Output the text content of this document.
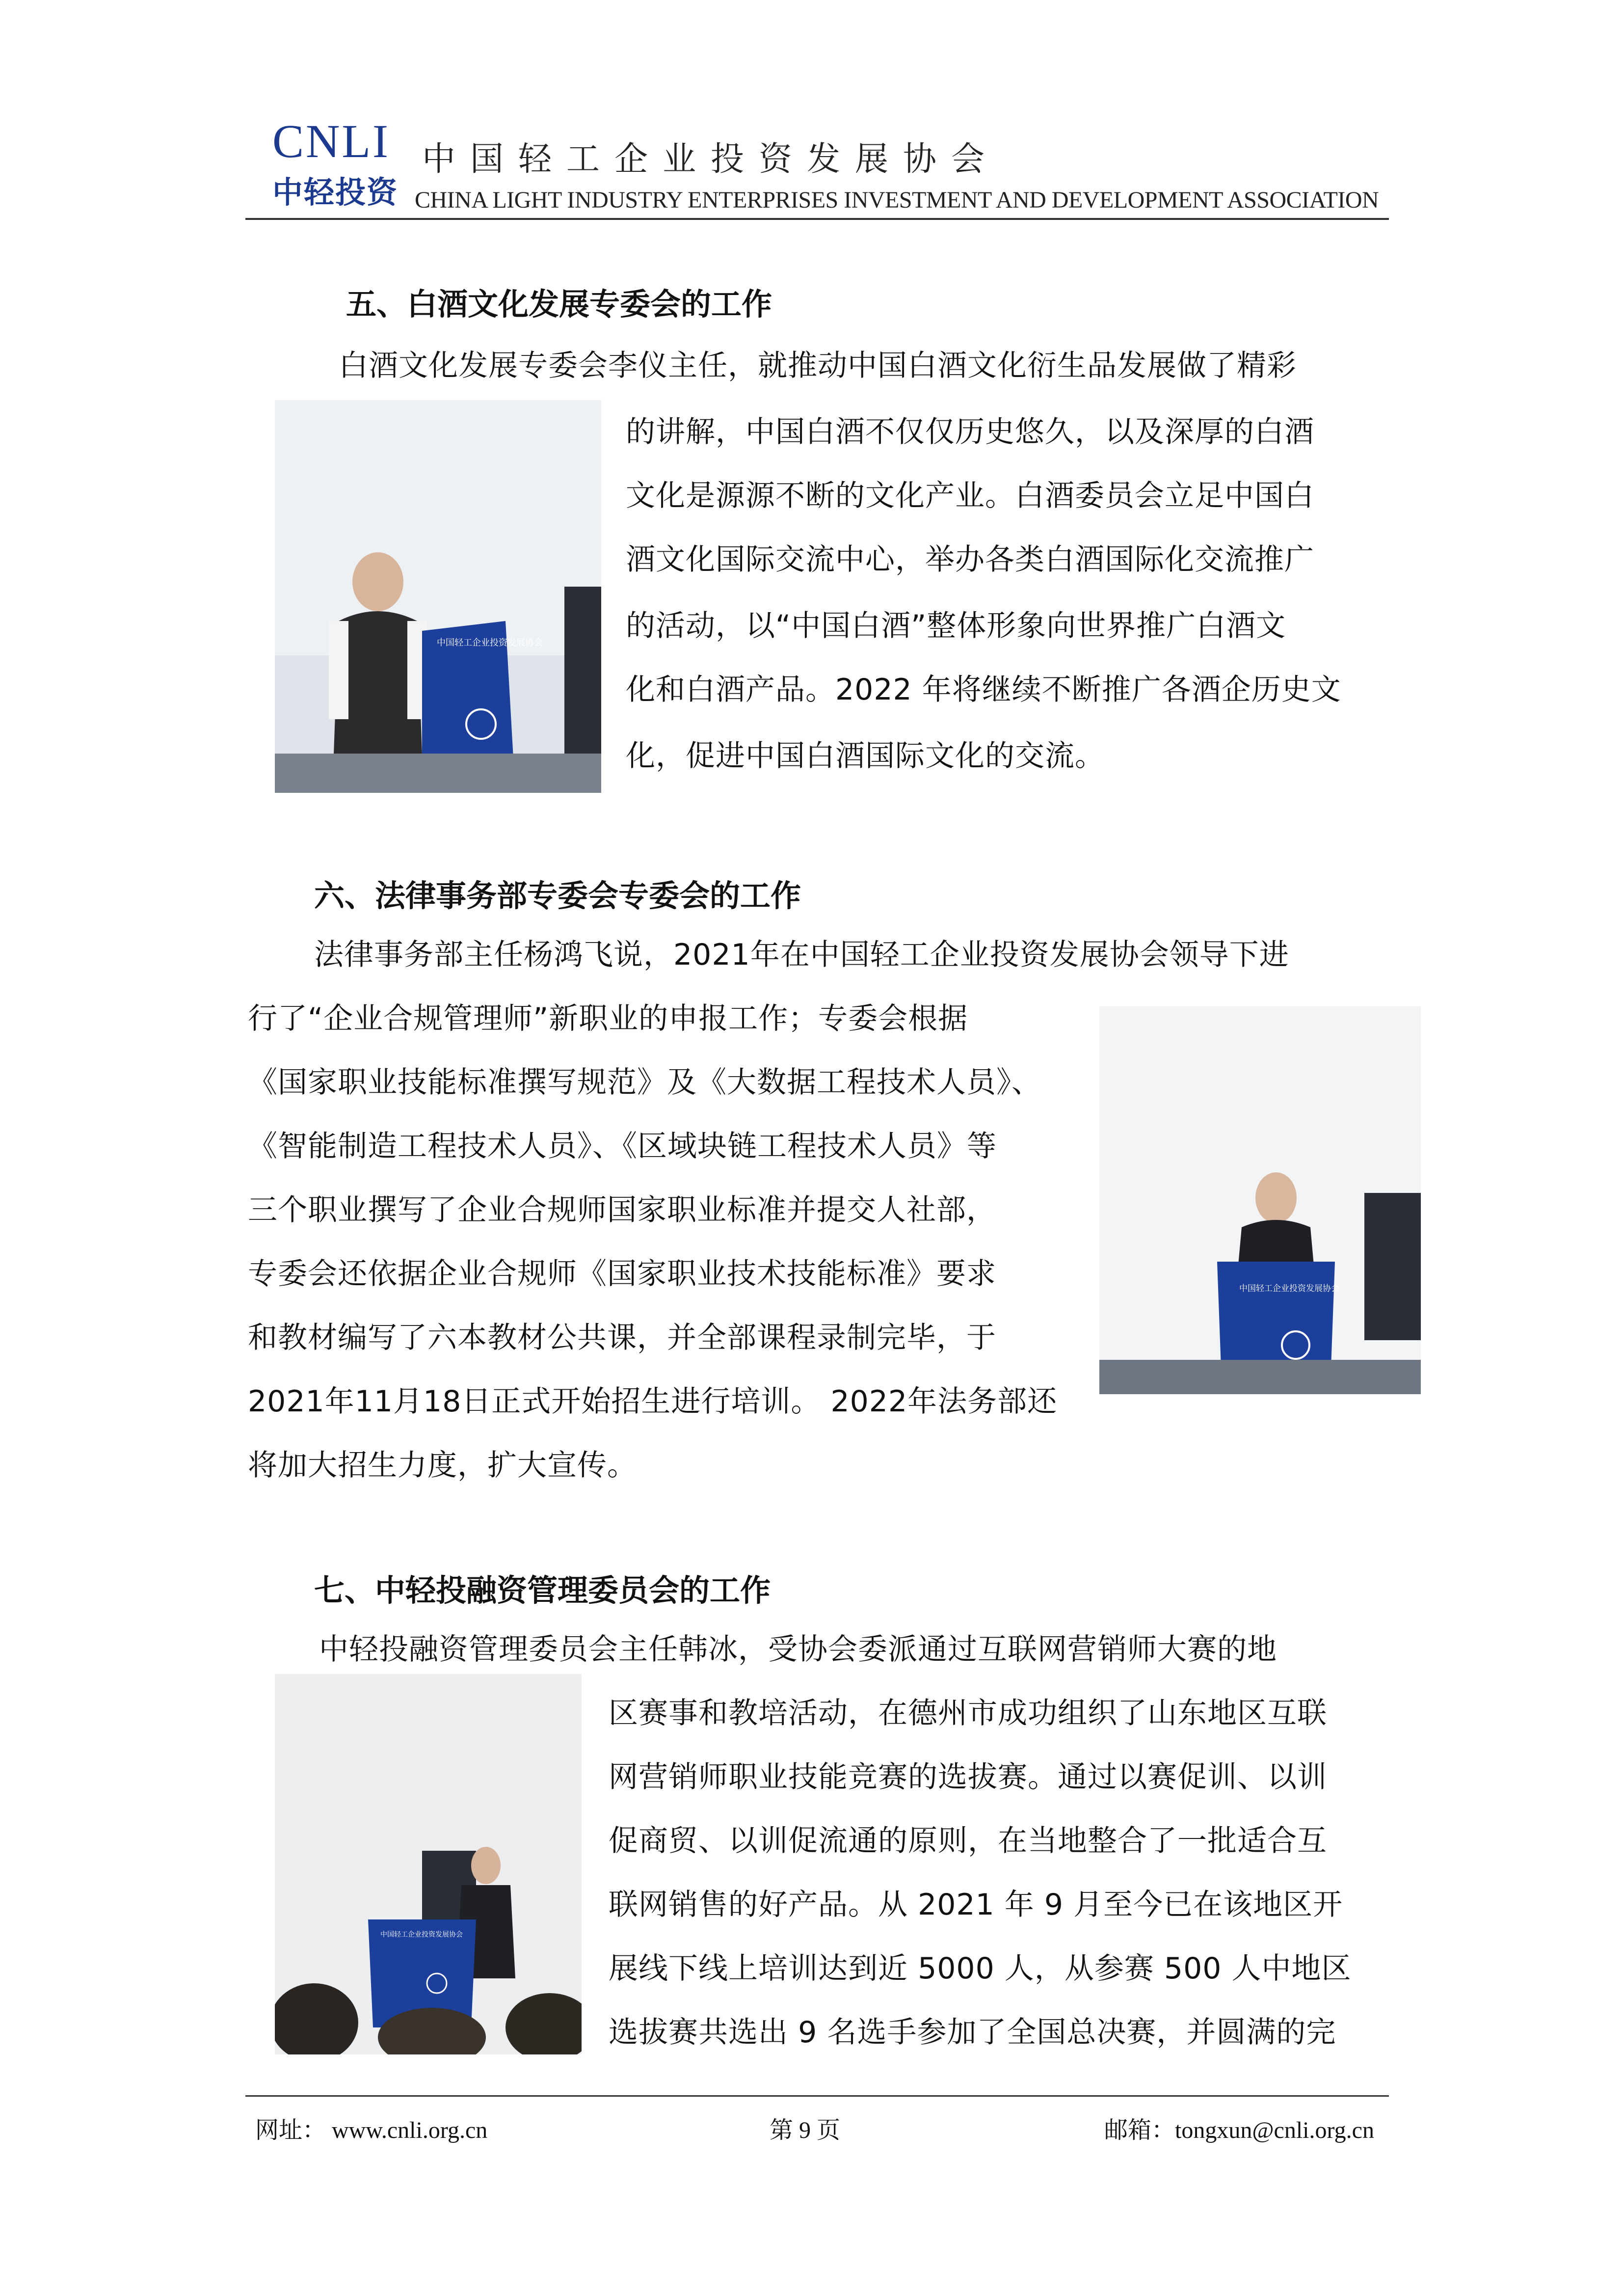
CNLI
中轻投资
中国轻工企业投资发展协会
CHINA LIGHT INDUSTRY ENTERPRISES INVESTMENT AND DEVELOPMENT ASSOCIATION
五、白酒文化发展专委会的工作
白酒文化发展专委会李仪主任，就推动中国白酒文化衍生品发展做了精彩
的讲解，中国白酒不仅仅历史悠久，以及深厚的白酒
文化是源源不断的文化产业。白酒委员会立足中国白
酒文化国际交流中心，举办各类白酒国际化交流推广
的活动，以“中国白酒”整体形象向世界推广白酒文
化和白酒产品。2022 年将继续不断推广各酒企历史文
化，促进中国白酒国际文化的交流。
中国轻工企业投资发展协会
六、法律事务部专委会专委会的工作
法律事务部主任杨鸿飞说，2021年在中国轻工企业投资发展协会领导下进
行了“企业合规管理师”新职业的申报工作；专委会根据
《国家职业技能标准撰写规范》及《大数据工程技术人员》、
《智能制造工程技术人员》、《区域块链工程技术人员》等
三个职业撰写了企业合规师国家职业标准并提交人社部，
专委会还依据企业合规师《国家职业技术技能标准》要求
和教材编写了六本教材公共课，并全部课程录制完毕，于
2021年11月18日正式开始招生进行培训。 2022年法务部还
将加大招生力度，扩大宣传。
中国轻工企业投资发展协会
七、中轻投融资管理委员会的工作
中轻投融资管理委员会主任韩冰，受协会委派通过互联网营销师大赛的地
区赛事和教培活动，在德州市成功组织了山东地区互联
网营销师职业技能竞赛的选拔赛。通过以赛促训、以训
促商贸、以训促流通的原则，在当地整合了一批适合互
联网销售的好产品。从 2021 年 9 月至今已在该地区开
展线下线上培训达到近 5000 人，从参赛 500 人中地区
选拔赛共选出 9 名选手参加了全国总决赛，并圆满的完
中国轻工企业投资发展协会
网址： www.cnli.org.cn	第 9 页	邮箱：tongxun@cnli.org.cn
